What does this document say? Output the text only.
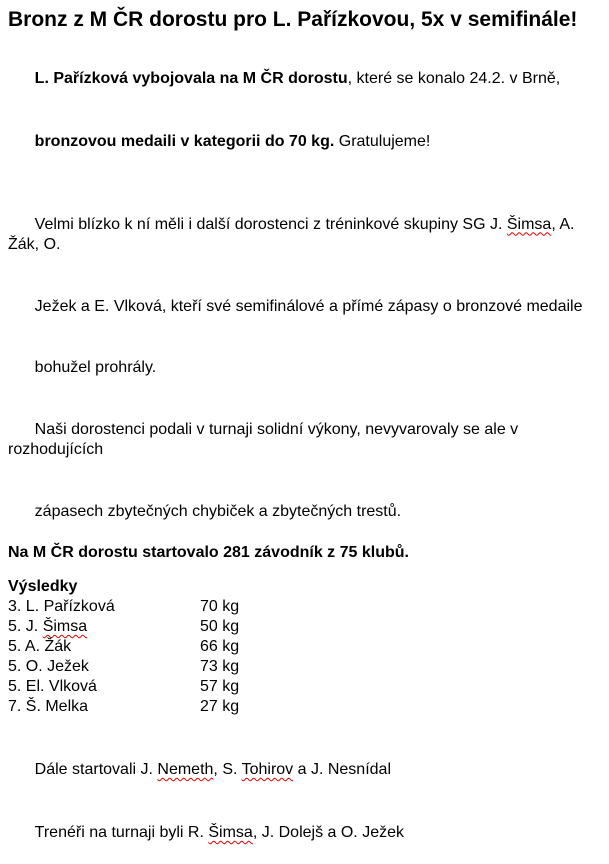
Bronz z M ČR dorostu pro L. Pařízkovou, 5x v semifinále!

L. Pařízková vybojovala na M ČR dorostu, které se konalo 24.2. v Brně,

bronzovou medaili v kategorii do 70 kg. Gratulujeme!

Velmi blízko k ní měli i další dorostenci z tréninkové skupiny SG J. Šimsa, A. Žák, O.

Ježek a E. Vlková, kteří své semifinálové a přímé zápasy o bronzové medaile

bohužel prohrály.

Naši dorostenci podali v turnaji solidní výkony, nevyvarovaly se ale v rozhodujících

zápasech zbytečných chybiček a zbytečných trestů.

Na M ČR dorostu startovalo 281 závodník z 75 klubů.
Výsledky
3. L. Pařízková	70 kg
5. J. Šimsa	50 kg
5. A. Žák	66 kg
5. O. Ježek	73 kg
5. El. Vlková	57 kg
7. Š. Melka	27 kg

Dále startovali J. Nemeth, S. Tohirov a J. Nesnídal

Trenéři na turnaji byli R. Šimsa, J. Dolejš a O. Ježek
